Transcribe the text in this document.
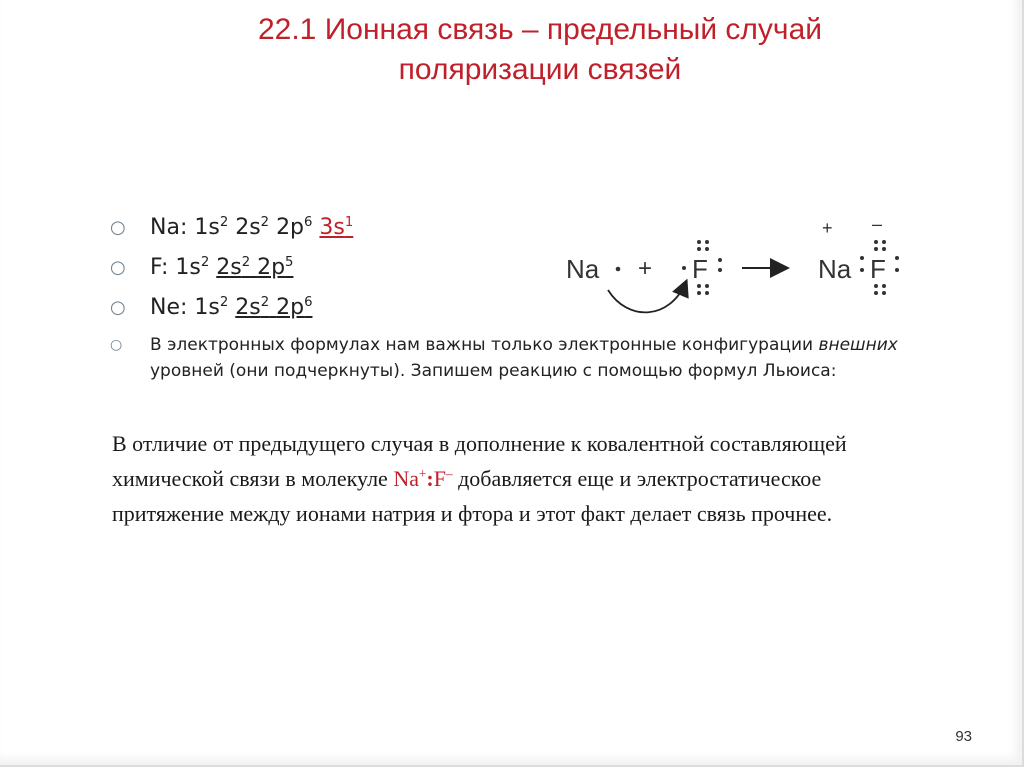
22.1 Ионная связь – предельный случай
поляризации связей
○ Na: $1s^2$ $2s^2$ $2p^6$ $3s^1$
○ F: $1s^2$ $2s^2$ $2p^5$
○ Ne: $1s^2$ $2s^2$ $2p^6$
○ В электронных формулах нам важны только электронные конфигурации внешних уровней (они подчеркнуты). Запишем реакцию с помощью формул Льюиса:
Na + F
+ –
Na F
В отличие от предыдущего случая в дополнение к ковалентной составляющей химической связи в молекуле Na+:F– добавляется еще и электростатическое притяжение между ионами натрия и фтора и этот факт делает связь прочнее.
93
